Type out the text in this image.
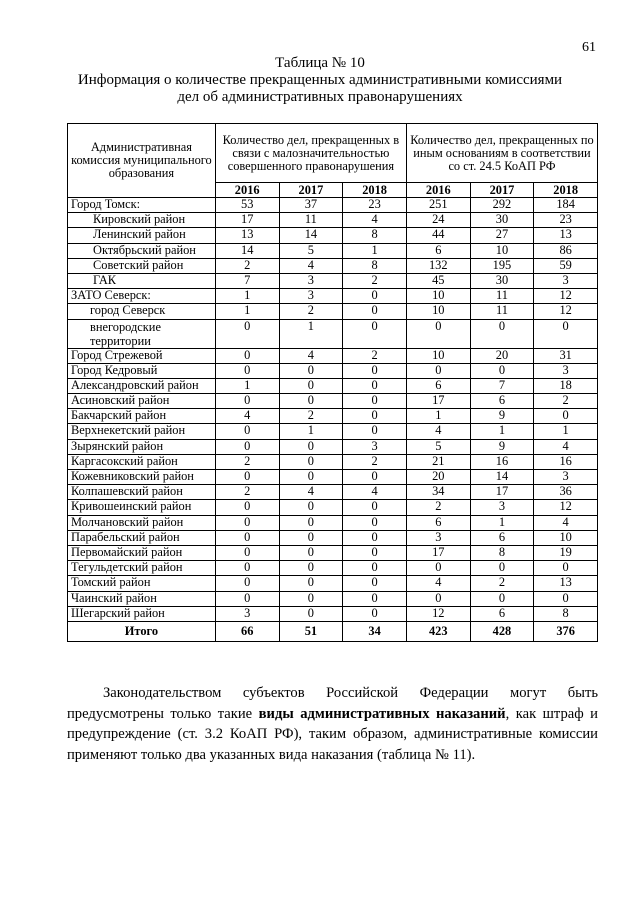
61
Таблица № 10
Информация о количестве прекращенных административными комиссиями
дел об административных правонарушениях
Административная комиссия муниципального образования	Количество дел, прекращенных в связи с малозначительностью совершенного правонарушения			Количество дел, прекращенных по иным основаниям в соответствии со ст. 24.5 КоАП РФ		
	2016	2017	2018	2016	2017	2018
Город Томск:	53	37	23	251	292	184
Кировский район	17	11	4	24	30	23
Ленинский район	13	14	8	44	27	13
Октябрьский район	14	5	1	6	10	86
Советский район	2	4	8	132	195	59
ГАК	7	3	2	45	30	3
ЗАТО Северск:	1	3	0	10	11	12
город Северск	1	2	0	10	11	12
внегородские территории	0	1	0	0	0	0
Город Стрежевой	0	4	2	10	20	31
Город Кедровый	0	0	0	0	0	3
Александровский район	1	0	0	6	7	18
Асиновский район	0	0	0	17	6	2
Бакчарский район	4	2	0	1	9	0
Верхнекетский район	0	1	0	4	1	1
Зырянский район	0	0	3	5	9	4
Каргасокский район	2	0	2	21	16	16
Кожевниковский район	0	0	0	20	14	3
Колпашевский район	2	4	4	34	17	36
Кривошеинский район	0	0	0	2	3	12
Молчановский район	0	0	0	6	1	4
Парабельский район	0	0	0	3	6	10
Первомайский район	0	0	0	17	8	19
Тегульдетский район	0	0	0	0	0	0
Томский район	0	0	0	4	2	13
Чаинский район	0	0	0	0	0	0
Шегарский район	3	0	0	12	6	8
Итого	66	51	34	423	428	376

Законодательством субъектов Российской Федерации могут быть предусмотрены только такие виды административных наказаний, как штраф и предупреждение (ст. 3.2 КоАП РФ), таким образом, административные комиссии применяют только два указанных вида наказания (таблица № 11).
